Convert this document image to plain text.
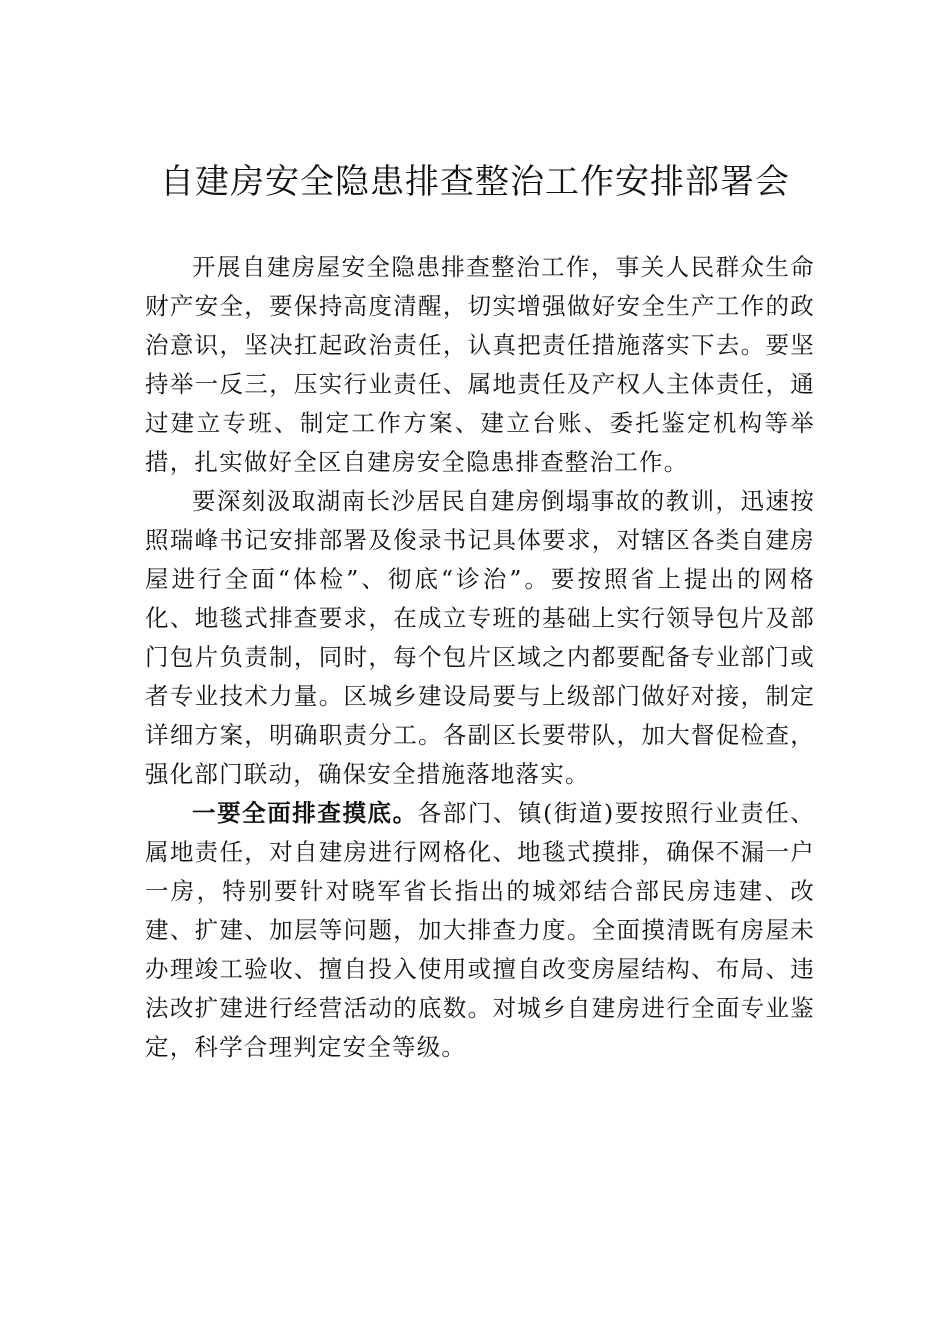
自建房安全隐患排查整治工作安排部署会

开展自建房屋安全隐患排查整治工作，事关人民群众生命财产安全，要保持高度清醒，切实增强做好安全生产工作的政治意识，坚决扛起政治责任，认真把责任措施落实下去。要坚持举一反三，压实行业责任、属地责任及产权人主体责任，通过建立专班、制定工作方案、建立台账、委托鉴定机构等举措，扎实做好全区自建房安全隐患排查整治工作。

要深刻汲取湖南长沙居民自建房倒塌事故的教训，迅速按照瑞峰书记安排部署及俊录书记具体要求，对辖区各类自建房屋进行全面“体检”、彻底“诊治”。要按照省上提出的网格化、地毯式排查要求，在成立专班的基础上实行领导包片及部门包片负责制，同时，每个包片区域之内都要配备专业部门或者专业技术力量。区城乡建设局要与上级部门做好对接，制定详细方案，明确职责分工。各副区长要带队，加大督促检查，强化部门联动，确保安全措施落地落实。

一要全面排查摸底。各部门、镇(街道)要按照行业责任、属地责任，对自建房进行网格化、地毯式摸排，确保不漏一户一房，特别要针对晓军省长指出的城郊结合部民房违建、改建、扩建、加层等问题，加大排查力度。全面摸清既有房屋未办理竣工验收、擅自投入使用或擅自改变房屋结构、布局、违法改扩建进行经营活动的底数。对城乡自建房进行全面专业鉴定，科学合理判定安全等级。
